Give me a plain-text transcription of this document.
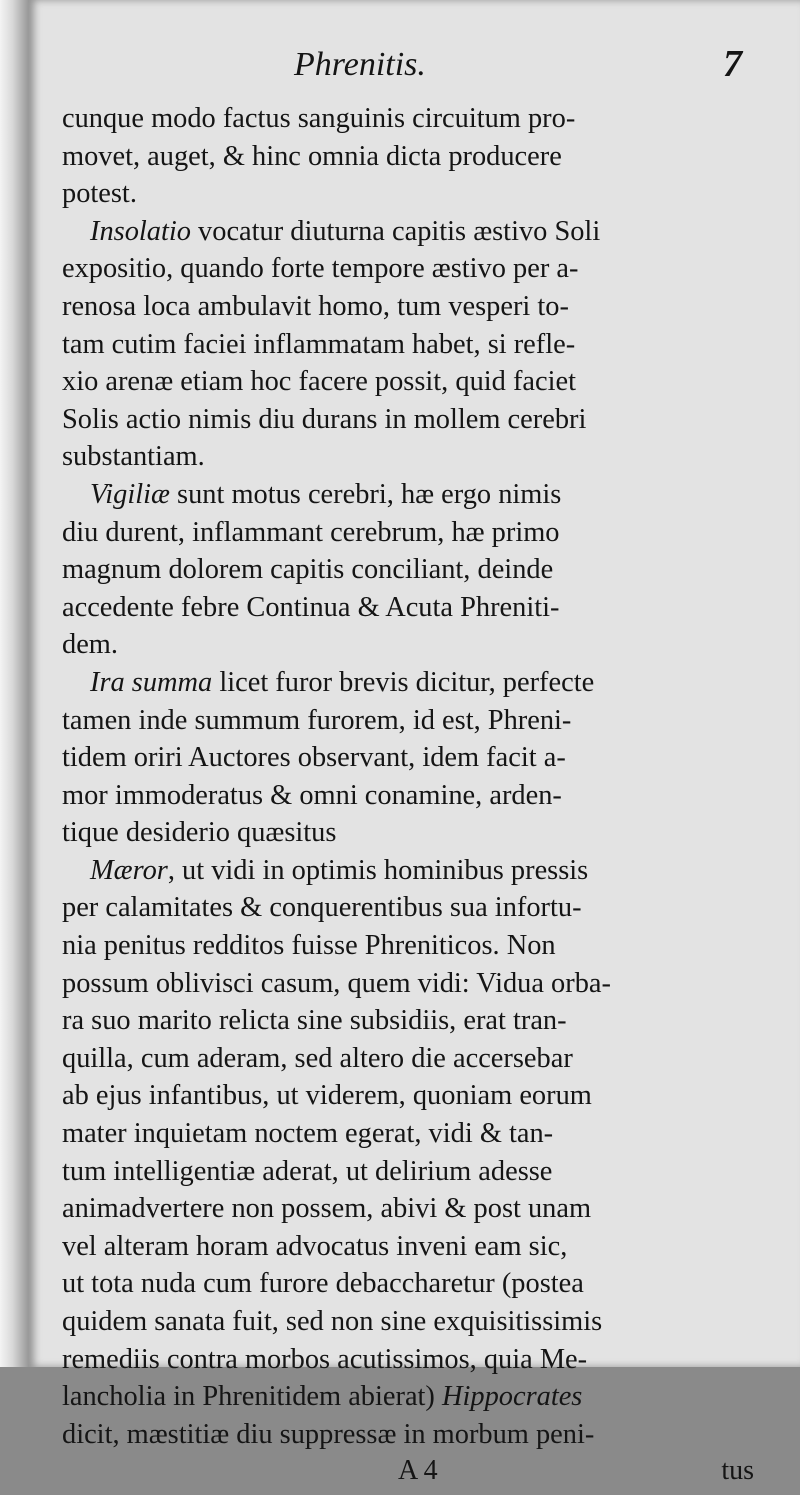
Phrenitis.	7

cunque modo factus sanguinis circuitum pro-
movet, auget, & hinc omnia dicta producere
potest.

Insolatio vocatur diuturna capitis æstivo Soli
expositio, quando forte tempore æstivo per a-
renosa loca ambulavit homo, tum vesperi to-
tam cutim faciei inflammatam habet, si refle-
xio arenæ etiam hoc facere possit, quid faciet
Solis actio nimis diu durans in mollem cerebri
substantiam.

Vigiliæ sunt motus cerebri, hæ ergo nimis
diu durent, inflammant cerebrum, hæ primo
magnum dolorem capitis conciliant, deinde
accedente febre Continua & Acuta Phreniti-
dem.

Ira summa licet furor brevis dicitur, perfecte
tamen inde summum furorem, id est, Phreni-
tidem oriri Auctores observant, idem facit a-
mor immoderatus & omni conamine, arden-
tique desiderio quæsitus

Mæror, ut vidi in optimis hominibus pressis
per calamitates & conquerentibus sua infortu-
nia penitus redditos fuisse Phreniticos. Non
possum oblivisci casum, quem vidi: Vidua orba-
ra suo marito relicta sine subsidiis, erat tran-
quilla, cum aderam, sed altero die accersebar
ab ejus infantibus, ut viderem, quoniam eorum
mater inquietam noctem egerat, vidi & tan-
tum intelligentiæ aderat, ut delirium adesse
animadvertere non possem, abivi & post unam
vel alteram horam advocatus inveni eam sic,
ut tota nuda cum furore debaccharetur (postea
quidem sanata fuit, sed non sine exquisitissimis
remediis contra morbos acutissimos, quia Me-
lancholia in Phrenitidem abierat) Hippocrates
dicit, mæstitiæ diu suppressæ in morbum peni-

A 4	tus
